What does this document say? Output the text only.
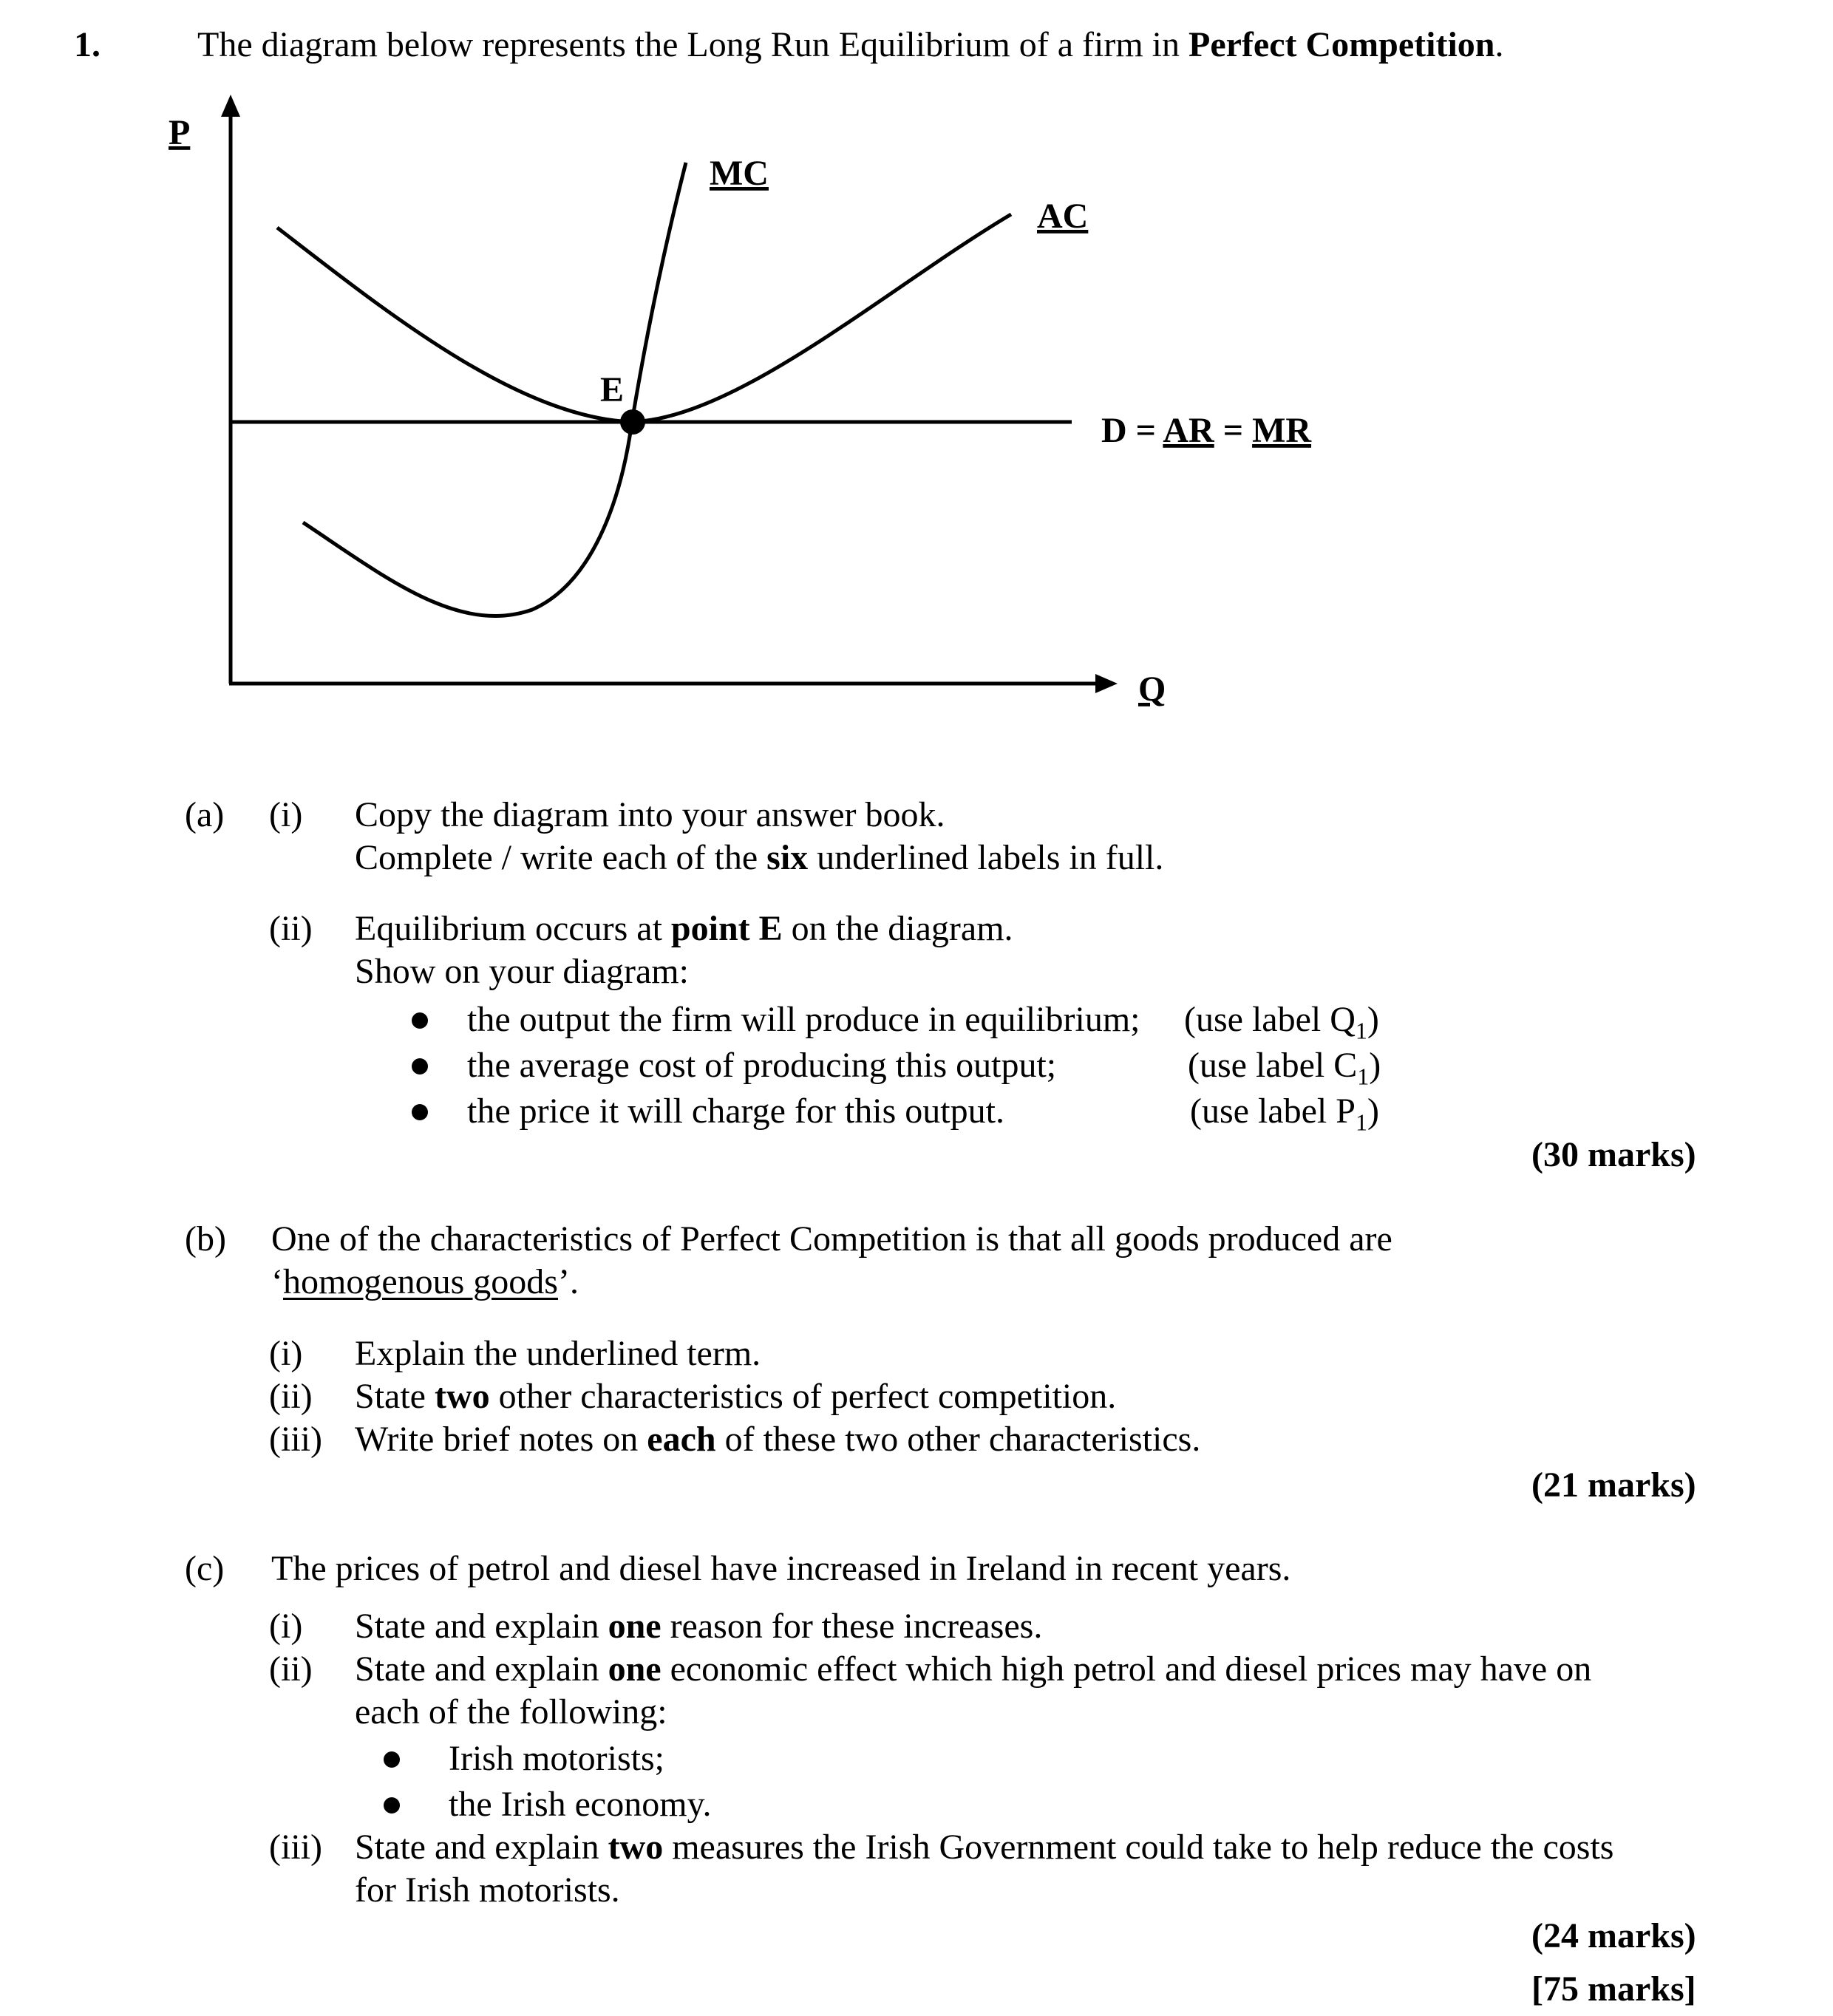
1.	The diagram below represents the Long Run Equilibrium of a firm in Perfect Competition.
P
Q
MC
AC
E
D = AR = MR
(a) (i) Copy the diagram into your answer book.
Complete / write each of the six underlined labels in full.
(ii) Equilibrium occurs at point E on the diagram.
Show on your diagram:
the output the firm will produce in equilibrium; (use label $Q_1$)
the average cost of producing this output;	(use label $C_1$)
the price it will charge for this output.	(use label $P_1$)
(30 marks)
(b) One of the characteristics of Perfect Competition is that all goods produced are
‘homogenous goods’.
(i) Explain the underlined term.
(ii) State two other characteristics of perfect competition.
(iii) Write brief notes on each of these two other characteristics.
(21 marks)
(c) The prices of petrol and diesel have increased in Ireland in recent years.
(i) State and explain one reason for these increases.
(ii) State and explain one economic effect which high petrol and diesel prices may have on
each of the following:
Irish motorists;
the Irish economy.
(iii) State and explain two measures the Irish Government could take to help reduce the costs
for Irish motorists.
(24 marks)
[75 marks]
